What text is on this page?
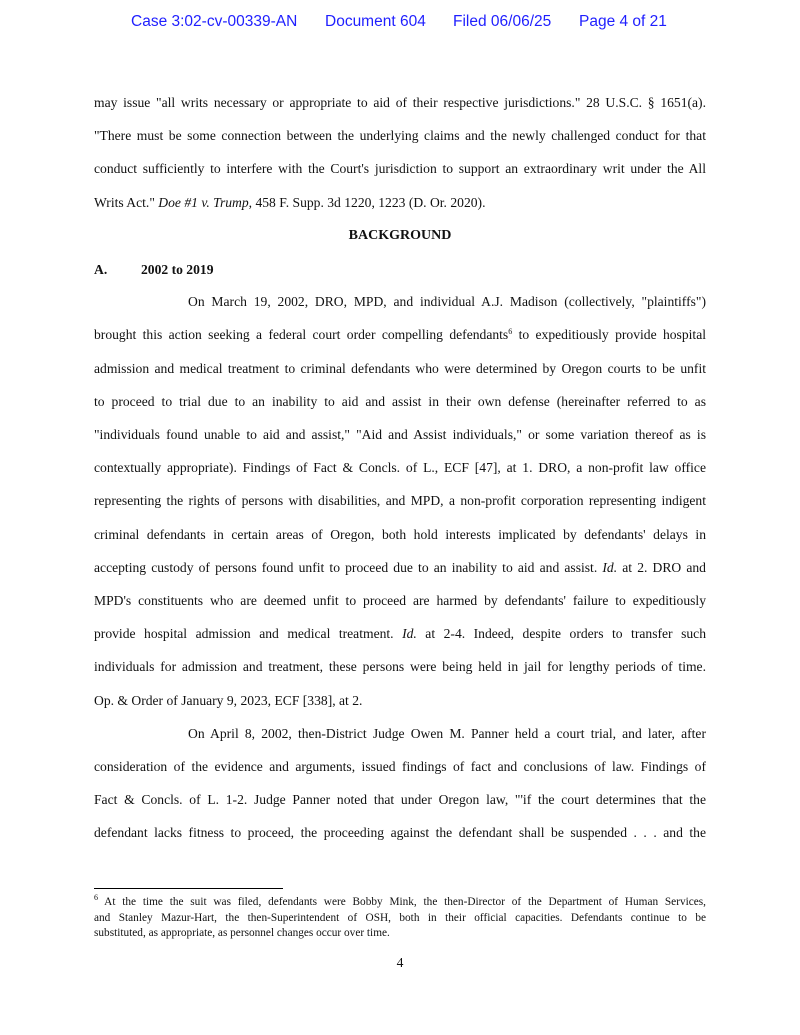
Case 3:02-cv-00339-AN Document 604 Filed 06/06/25 Page 4 of 21
may issue "all writs necessary or appropriate to aid of their respective jurisdictions." 28 U.S.C. § 1651(a).
"There must be some connection between the underlying claims and the newly challenged conduct for that
conduct sufficiently to interfere with the Court's jurisdiction to support an extraordinary writ under the All
Writs Act." Doe #1 v. Trump, 458 F. Supp. 3d 1220, 1223 (D. Or. 2020).
On March 19, 2002, DRO, MPD, and individual A.J. Madison (collectively, "plaintiffs")
brought this action seeking a federal court order compelling defendants$^6$ to expeditiously provide hospital
admission and medical treatment to criminal defendants who were determined by Oregon courts to be unfit
to proceed to trial due to an inability to aid and assist in their own defense (hereinafter referred to as
"individuals found unable to aid and assist," "Aid and Assist individuals," or some variation thereof as is
contextually appropriate). Findings of Fact & Concls. of L., ECF [47], at 1. DRO, a non-profit law office
representing the rights of persons with disabilities, and MPD, a non-profit corporation representing indigent
criminal defendants in certain areas of Oregon, both hold interests implicated by defendants' delays in
accepting custody of persons found unfit to proceed due to an inability to aid and assist. Id. at 2. DRO and
MPD's constituents who are deemed unfit to proceed are harmed by defendants' failure to expeditiously
provide hospital admission and medical treatment. Id. at 2-4. Indeed, despite orders to transfer such
individuals for admission and treatment, these persons were being held in jail for lengthy periods of time.
Op. & Order of January 9, 2023, ECF [338], at 2.
On April 8, 2002, then-District Judge Owen M. Panner held a court trial, and later, after
consideration of the evidence and arguments, issued findings of fact and conclusions of law. Findings of
Fact & Concls. of L. 1-2. Judge Panner noted that under Oregon law, "'if the court determines that the
defendant lacks fitness to proceed, the proceeding against the defendant shall be suspended . . . and the
BACKGROUND
A. 2002 to 2019
$^6$ At the time the suit was filed, defendants were Bobby Mink, the then-Director of the Department of Human Services,
and Stanley Mazur-Hart, the then-Superintendent of OSH, both in their official capacities. Defendants continue to be
substituted, as appropriate, as personnel changes occur over time.
4
